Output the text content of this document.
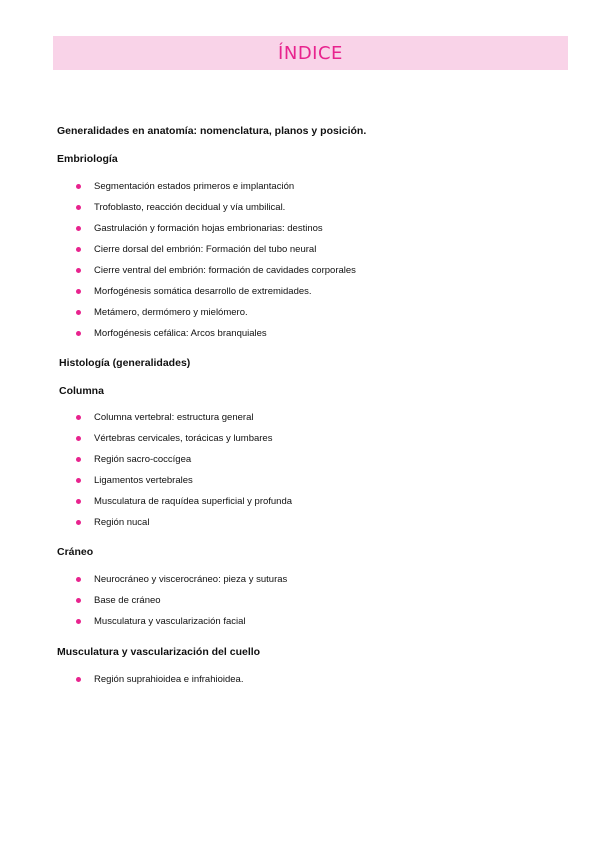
ÍNDICE

Generalidades en anatomía: nomenclatura, planos y posición.

Embriología

Segmentación estados primeros e implantación
Trofoblasto, reacción decidual y vía umbilical.
Gastrulación y formación hojas embrionarias: destinos
Cierre dorsal del embrión: Formación del tubo neural
Cierre ventral del embrión: formación de cavidades corporales
Morfogénesis somática desarrollo de extremidades.
Metámero, dermómero y mielómero.
Morfogénesis cefálica: Arcos branquiales

Histología (generalidades)

Columna

Columna vertebral: estructura general
Vértebras cervicales, torácicas y lumbares
Región sacro-coccígea
Ligamentos vertebrales
Musculatura de raquídea superficial y profunda
Región nucal

Cráneo

Neurocráneo y viscerocráneo: pieza y suturas
Base de cráneo
Musculatura y vascularización facial

Musculatura y vascularización del cuello

Región suprahioidea e infrahioidea.
